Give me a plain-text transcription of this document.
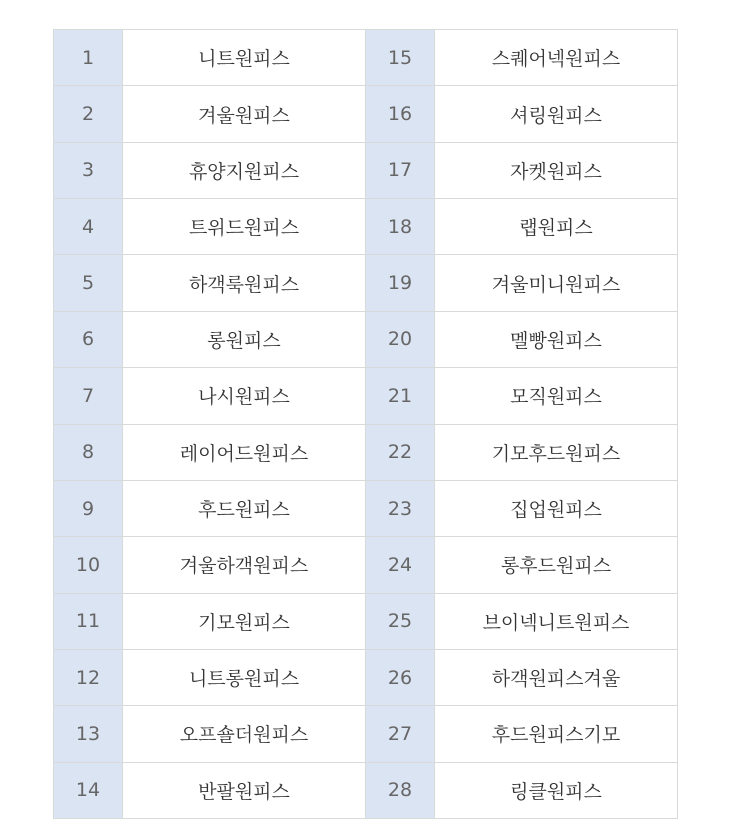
1	니트원피스	15	스퀘어넥원피스
2	겨울원피스	16	셔링원피스
3	휴양지원피스	17	자켓원피스
4	트위드원피스	18	랩원피스
5	하객룩원피스	19	겨울미니원피스
6	롱원피스	20	멜빵원피스
7	나시원피스	21	모직원피스
8	레이어드원피스	22	기모후드원피스
9	후드원피스	23	집업원피스
10	겨울하객원피스	24	롱후드원피스
11	기모원피스	25	브이넥니트원피스
12	니트롱원피스	26	하객원피스겨울
13	오프숄더원피스	27	후드원피스기모
14	반팔원피스	28	링클원피스
